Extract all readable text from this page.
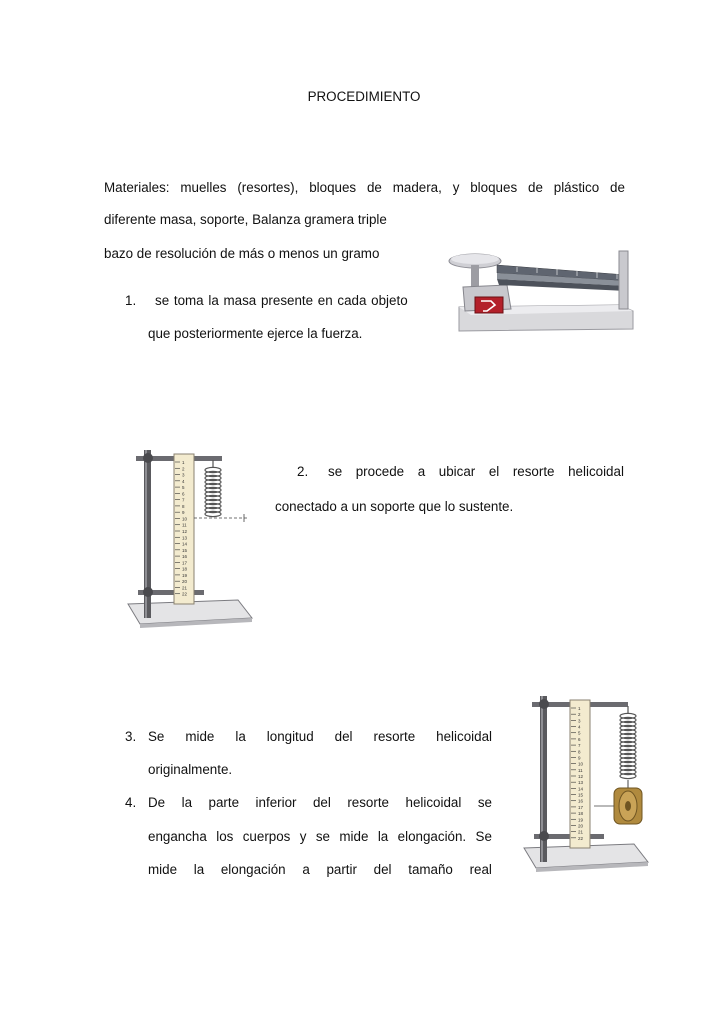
PROCEDIMIENTO
Materiales: muelles (resortes), bloques de madera, y bloques de plástico de
diferente masa, soporte, Balanza gramera triple
bazo de resolución de más o menos un gramo
1. se toma la masa presente en cada objeto
que posteriormente ejerce la fuerza.
1
2
3
4
5
6
7
8
9
10
11
12
13
14
15
16
17
18
19
20
21
22
2. se procede a ubicar el resorte helicoidal
conectado a un soporte que lo sustente.
3. Se mide la longitud del resorte helicoidal
originalmente.
4. De la parte inferior del resorte helicoidal se
engancha los cuerpos y se mide la elongación. Se
mide la elongación a partir del tamaño real
1
2
3
4
5
6
7
8
9
10
11
12
13
14
15
16
17
18
19
20
21
22
